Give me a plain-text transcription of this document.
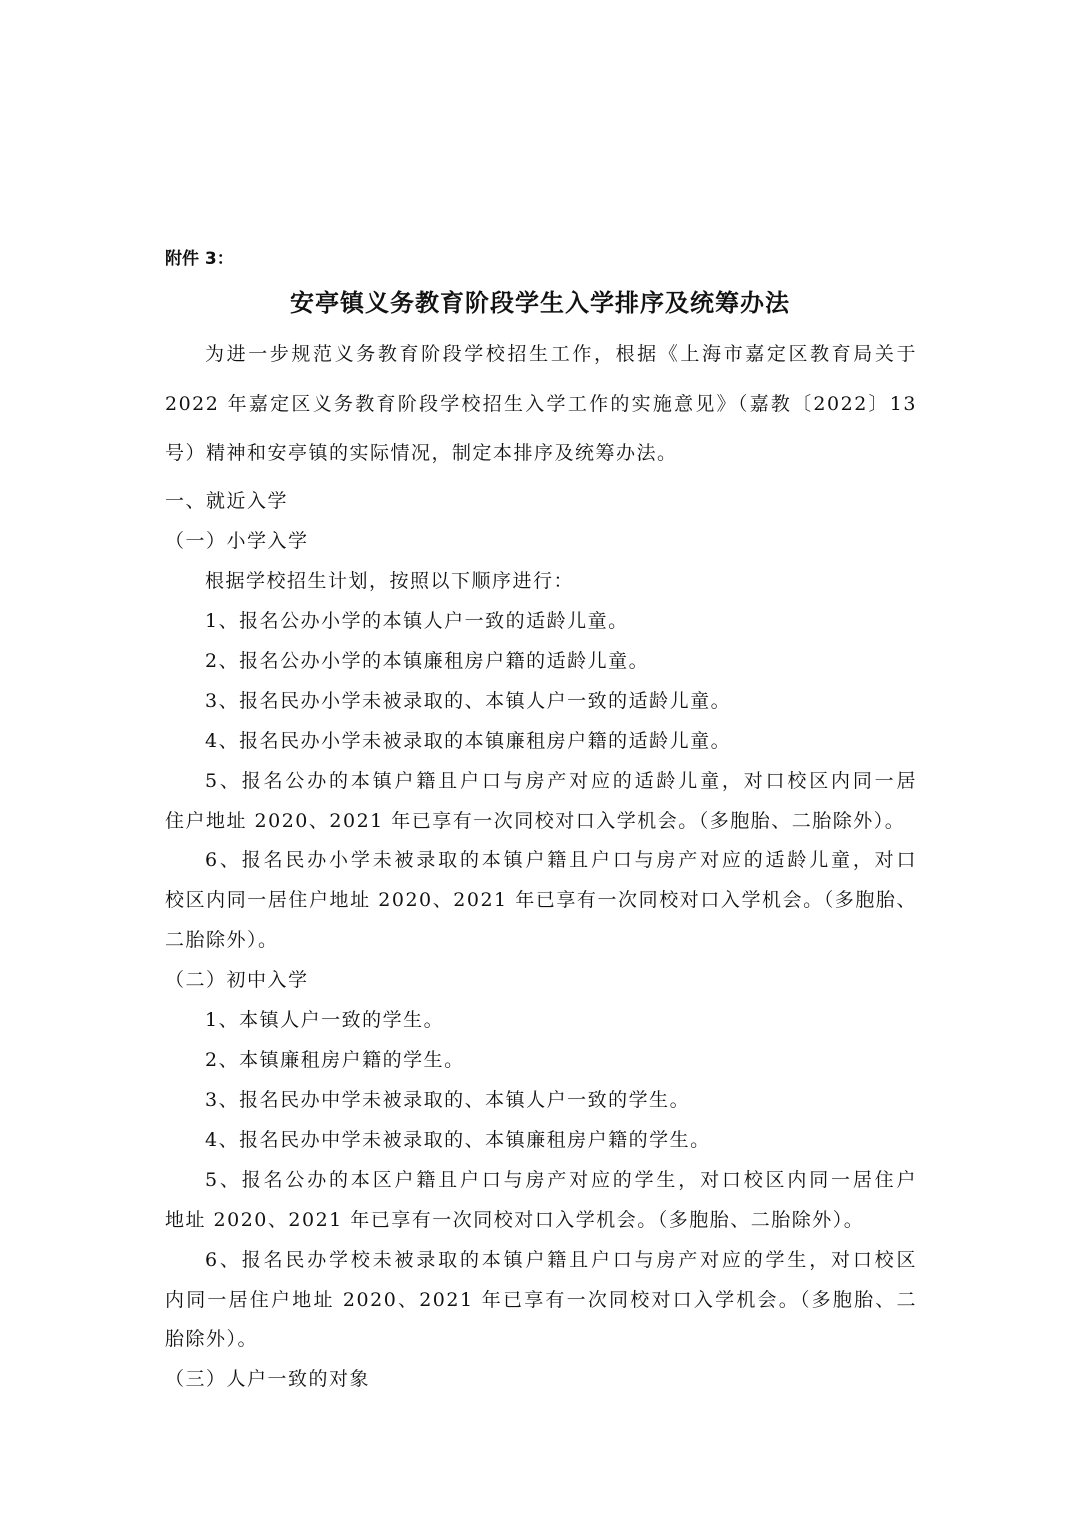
附件 3：
安亭镇义务教育阶段学生入学排序及统筹办法
为进一步规范义务教育阶段学校招生工作，根据《上海市嘉定区教育局关于
2022 年嘉定区义务教育阶段学校招生入学工作的实施意见》（嘉教〔2022〕13
号）精神和安亭镇的实际情况，制定本排序及统筹办法。
一、就近入学
（一）小学入学
根据学校招生计划，按照以下顺序进行：
1、报名公办小学的本镇人户一致的适龄儿童。
2、报名公办小学的本镇廉租房户籍的适龄儿童。
3、报名民办小学未被录取的、本镇人户一致的适龄儿童。
4、报名民办小学未被录取的本镇廉租房户籍的适龄儿童。
5、报名公办的本镇户籍且户口与房产对应的适龄儿童，对口校区内同一居
住户地址 2020、2021 年已享有一次同校对口入学机会。（多胞胎、二胎除外）。
6、报名民办小学未被录取的本镇户籍且户口与房产对应的适龄儿童，对口
校区内同一居住户地址 2020、2021 年已享有一次同校对口入学机会。（多胞胎、
二胎除外）。
（二）初中入学
1、本镇人户一致的学生。
2、本镇廉租房户籍的学生。
3、报名民办中学未被录取的、本镇人户一致的学生。
4、报名民办中学未被录取的、本镇廉租房户籍的学生。
5、报名公办的本区户籍且户口与房产对应的学生，对口校区内同一居住户
地址 2020、2021 年已享有一次同校对口入学机会。（多胞胎、二胎除外）。
6、报名民办学校未被录取的本镇户籍且户口与房产对应的学生，对口校区
内同一居住户地址 2020、2021 年已享有一次同校对口入学机会。（多胞胎、二
胎除外）。
（三）人户一致的对象
